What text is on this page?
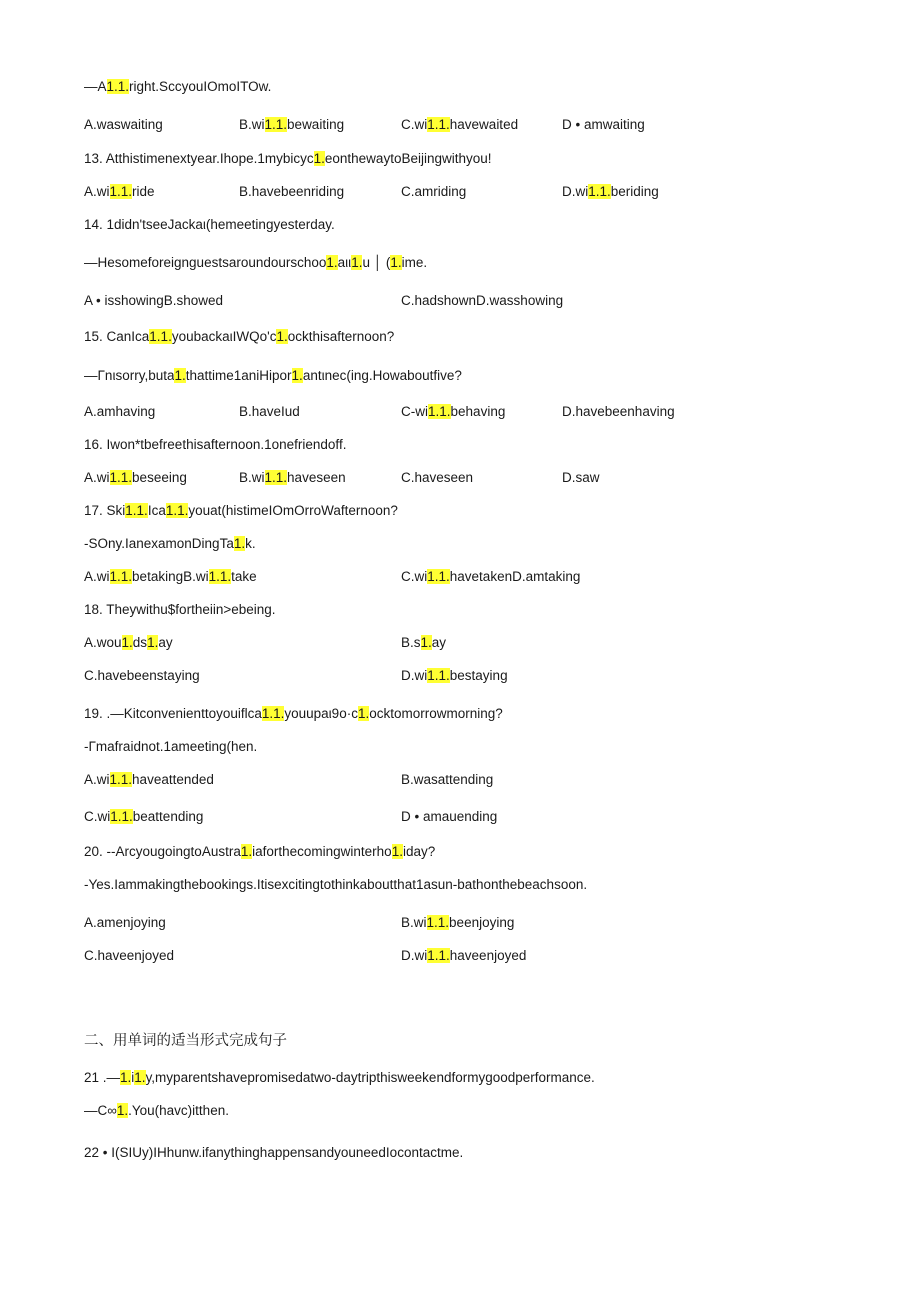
—A1.1.right.ScсyouIOmoITOw.
A.waswaiting	B.wi1.1.bewaiting	C.wi1.1.havewaited	D • amwaiting
13. Atthistimenextyear.Ihope.1mybicyc1.eonthewaytoBeijingwithyou!
A.wi1.1.ride	B.havebeenriding	C.amriding	D.wi1.1.beriding
14. 1didn'tseeJackaι(hemeetingyesterday.
—Hesomeforeignguestsaroundourschoo1.aιι1.u │ (1.ime.
A • isshowingB.showed	C.hadshownD.wasshowing
15. CanIca1.1.youbackaιIWQo'c1.ockthisafternoon?
—Γnιsorry,buta1.thattime1aniHipor1.antιnec(ing.Howaboutfive?
A.amhaving	B.haveIud	C-wi1.1.behaving	D.havebeenhaving
16. Iwon*tbefreethisafternoon.1onefriendoff.
A.wi1.1.beseeing	B.wi1.1.haveseen	C.haveseen	D.saw
17. Ski1.1.Ica1.1.youat(histimeIOmOrroWafternoon?
-SOny.IanexamonDingTa1.k.
A.wi1.1.betakingB.wi1.1.take	C.wi1.1.havetakenD.amtaking
18. Theywithu$fortheiin>ebeing.
A.wou1.ds1.ay	B.s1.ay
C.havebeenstaying	D.wi1.1.bestaying
19. .—Kitconvenienttoyouiflca1.1.youupaι9o·c1.ocktomorrowmorning?
-Γmafraidnot.1ameeting(hen.
A.wi1.1.haveattended	B.wasattending
C.wi1.1.beattending	D • amauending
20. --ArcyougoingtoAustra1.iaforthecomingwinterho1.iday?
-Yes.Iammakingthebookings.Itisexcitingtothinkaboutthat1asun-bathonthebeachsoon.
A.amenjoying	B.wi1.1.beenjoying
C.haveenjoyed	D.wi1.1.haveenjoyed
二、用单词的适当形式完成句子
21 .—1.i1.y,myparentshavepromisedatwo-daytripthisweekendformygoodperformance.
—C∞1..You(havc)itthen.
22 • I(SIUy)IHhunw.ifanythinghappensandyouneedIocontactme.
